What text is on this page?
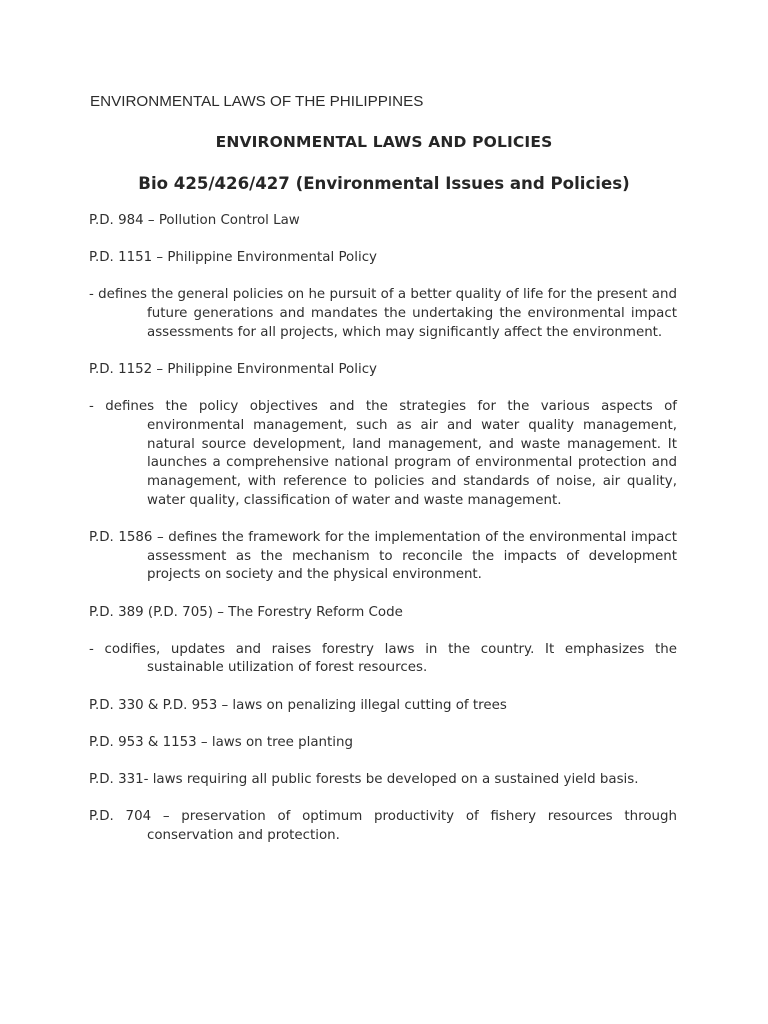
ENVIRONMENTAL LAWS OF THE PHILIPPINES
ENVIRONMENTAL LAWS AND POLICIES
Bio 425/426/427 (Environmental Issues and Policies)

P.D. 984 – Pollution Control Law

P.D. 1151 – Philippine Environmental Policy

- defines the general policies on he pursuit of a better quality of life for the present and future generations and mandates the undertaking the environmental impact assessments for all projects, which may significantly affect the environment.

P.D. 1152 – Philippine Environmental Policy

- defines the policy objectives and the strategies for the various aspects of environmental management, such as air and water quality management, natural source development, land management, and waste management. It launches a comprehensive national program of environmental protection and management, with reference to policies and standards of noise, air quality, water quality, classification of water and waste management.

P.D. 1586 – defines the framework for the implementation of the environmental impact assessment as the mechanism to reconcile the impacts of development projects on society and the physical environment.

P.D. 389 (P.D. 705) – The Forestry Reform Code

- codifies, updates and raises forestry laws in the country. It emphasizes the sustainable utilization of forest resources.

P.D. 330 & P.D. 953 – laws on penalizing illegal cutting of trees

P.D. 953 & 1153 – laws on tree planting

P.D. 331- laws requiring all public forests be developed on a sustained yield basis.

P.D. 704 – preservation of optimum productivity of fishery resources through conservation and protection.
